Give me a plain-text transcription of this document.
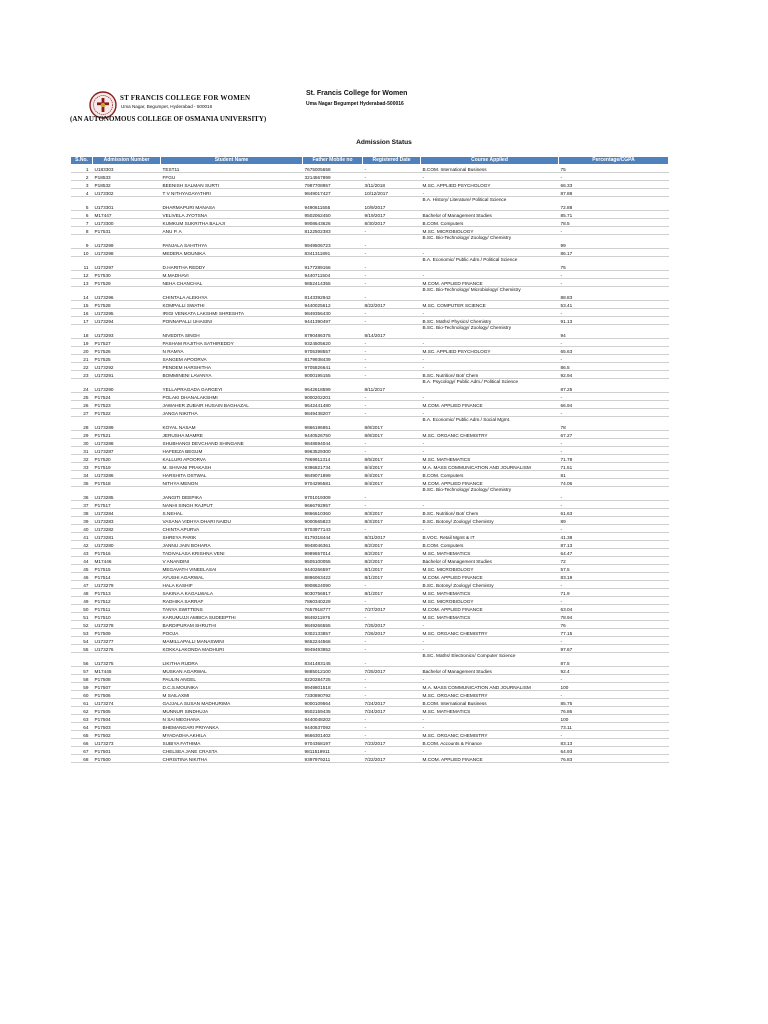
ST FRANCIS COLLEGE FOR WOMEN
Uma Nagar, Begumpet, Hyderabad - 500016
(AN AUTONOMOUS COLLEGE OF OSMANIA UNIVERSITY)
St. Francis College for Women
Uma Nagar Begumpet Hyderabad-500016
Admission Status
S.No.	Admission Number	Student Name	Father Mobile no	Registered Date	Course Applied	Percentage/CGPA
1	U183303	TEST11	7675005658	-	B.COM. International Business	75
2	P18533	FFGU	3214567899	-	-	-
3	P18532	BEENISH SALMAN SURTI	7987708957	3/11/2018	M.SC. APPLIED PSYCHOLOGY	66.33
4	U173302	T V NITHYAGAYATHRI	9849017427	10/12/2017	-	87.88
5	U173301	DHARMAPURI MANASA	9490611555	10/9/2017	B.A. History/ Literature/ Political Science	72.88
6	M17447	VELIVELA JYOTSNA	9502062450	9/19/2017	Bachelor of Management Studies	85.71
7	U173300	KUMKUM SUKRITHA BALAJI	9908643626	8/30/2017	B.COM. Computers	78.5
8	P17531	ANU P. A	8122502383	-	M.SC. MICROBIOLOGY	-
9	U173299	PANJALA SAHITHYA	9949506723	-	B.SC. Bio-Technology/ Zoology/ Chemistry	99
10	U173298	MEDERA MOUNIKA	8341311891	-	-	86.17
11	U173297	D.HARITHA REDDY	9177289156	-	B.A. Economic/ Public Adm./ Political Science	75
12	P17530	M.MADHAVI	9440711504	-	-	-
13	P17529	NEHA CHANCHAL	9852414355	-	M.COM. APPLIED FINANCE	-
14	U173296	CHINTALA ALEKHYA	8143392942	-	B.SC. Bio-Technology/ Microbiology/ Chemistry	88.83
15	P17528	KOMPALLI SWATHI	9440025612	8/22/2017	M.SC. COMPUTER SCIENCE	53.41
16	U173295	IRIGI VENKATA LAKSHMI SHRESHTA	9849356430	-	-	-
17	U173294	PONNAPALLI UHASINI	9441390497	-	B.SC. Maths/ Physics/ Chemistry	91.13
18	U173293	NIVEDITA SINGH	8790486375	8/14/2017	B.SC. Bio-Technology/ Zoology/ Chemistry	94
19	P17527	PASHAM RAJITHA SATHIREDDY	9324505620	-	-	-
20	P17526	N RAMYA	9705398557	-	M.SC. APPLIED PSYCHOLOGY	65.63
21	P17525	SANGEM APOORVA	8179938439	-	-	-
22	U173292	PENDEM HARSHITHA	9705826641	-	-	86.5
23	U173291	BOMMINENI LAVANYA	9000195155	-	B.SC. Nutrition/ Bot/ Chem	92.94
24	U173290	YELLAPRAGADA GARGEYI	9642618599	8/11/2017	B.A. Psycology/ Public Adm./ Political Science	87.25
25	P17524	POLAKI DHANALAKSHMI	9000202201	-	-	-
26	P17523	JAWAHER ZUBAIR HUSAIN BAGHAZAL	9642441480	-	M.COM. APPLIED FINANCE	66.94
27	P17522	JANGA NIKITHA	9849438207	-	-	-
28	U173289	KOYAL NASAM	9866196951	8/8/2017	B.A. Economic/ Public Adm./ Social Mgmt.	78
29	P17521	JERUSHA MAMRE	9440526750	8/8/2017	M.SC. ORGANIC CHEMISTRY	67.27
30	U173288	SHUBHANGI DEVCHAND SHINGANE	9848594044	-	-	-
31	U173287	HAFEEZA BEGUM	9963529300	-	-	-
32	P17520	KALLURI APOORVA	7869911314	8/5/2017	M.SC. MATHEMATICS	71.78
33	P17519	M. SHIVANI PRAKASH	9396821734	8/4/2017	M.A. MASS COMMUNICATION AND JOURNALISM	71.51
34	U173286	HARSHITA OSTWAL	9849071899	8/4/2017	B.COM. Computers	81
35	P17518	NITHYA MENON	9704295581	8/4/2017	M.COM. APPLIED FINANCE	74.06
36	U173285	JANGITI DEEPIKA	9701019309	-	B.SC. Bio-Technology/ Zoology/ Chemistry	-
37	P17517	NANHI SINGH RAJPUT	9666792957	-	-	-
38	U173284	S.NEHAL	9866610360	8/3/2017	B.SC. Nutrition/ Bot/ Chem	61.63
39	U173283	VASANA VIDHYA DHARI NAIDU	9000565823	8/3/2017	B.SC. Botony/ Zoology/ Chemistry	89
40	U173282	CHINTA APURVA	9703977143	-	-	-
41	U173281	SHREYA PARIK	8179318444	8/31/2017	B.VOC. Retail Mgmt & IT	41.38
42	U173280	JANNU JAIN BOHARA	9948046361	8/2/2017	B.COM. Computers	87.13
43	P17516	TADIVALASA KRISHNA VENI	9989657014	8/2/2017	M.SC. MATHEMATICS	64.47
44	M17446	V ANANDINI	9505100055	8/2/2017	Bachelor of Management Studies	72
45	P17515	MEGAVATH VINEELASAI	9440266597	8/1/2017	M.SC. MICROBIOLOGY	57.5
46	P17514	AYUSHI AGARWAL	8886063422	8/1/2017	M.COM. APPLIED FINANCE	83.19
47	U173279	HALA KASHIF	9908624090	-	B.SC. Botony/ Zoology/ Chemistry	-
48	P17513	SAKINA A KAGALWALA	9030756917	8/1/2017	M.SC. MATHEMATICS	71.9
49	P17512	RADHIKA SARRAF	7860340229	-	M.SC. MICROBIOLOGY	-
50	P17511	TANYA SWITTENS	7657918777	7/27/2017	M.COM. APPLIED FINANCE	63.04
51	P17510	KARUMUJJI AMBICA SUDEEPTHI	9849211976	-	M.SC. MATHEMATICS	78.94
52	U173278	BARDIPURAM SHRUTHI	9849266555	7/25/2017	-	76
53	P17509	POOJA	9302133857	7/26/2017	M.SC. ORGANIC CHEMISTRY	77.15
54	U173277	MAMILLAPALLI MANASWINI	9652244566	-	-	-
55	U173276	KOKKALAKONDA MADHURI	9949493952	-	-	97.67
56	U173275	LIKITHA RUDRA	8341483145	-	B.SC. Maths/ Electronics/ Computer Science	87.5
57	M17445	MUSKAN AGARWAL	9885012100	7/25/2017	Bachelor of Management Studies	92.4
58	P17508	PAULIN ANGEL	8220284725	-	-	-
59	P17507	D.C.S.MOUNIKA	9949801518	-	M.A. MASS COMMUNICATION AND JOURNALISM	100
60	P17506	M SAILAXMI	7330890792	-	M.SC. ORGANIC CHEMISTRY	-
61	U173274	GAJJALA SUSAN MADHURIMA	9000109564	7/24/2017	B.COM. International Business	85.75
62	P17505	MUNNUR SINDHUJA	9502159435	7/24/2017	M.SC. MATHEMATICS	76.86
63	P17504	N SAI MEGHANA	9440048202	-	-	100
64	P17503	BHEMANGARI PRIYANKA	9440637092	-	-	73.11
65	P17502	MYADADHA AKHILA	9666301402	-	M.SC. ORGANIC CHEMISTRY	-
66	U173273	SUBIYA FATHIMA	9704368197	7/23/2017	B.COM. Accounts & Finance	83.13
67	P17501	CHELSEA JANE CRASTA	9811519911	-	-	64.93
68	P17500	CHRISTINA NIKITHA	9397979211	7/22/2017	M.COM. APPLIED FINANCE	76.83
